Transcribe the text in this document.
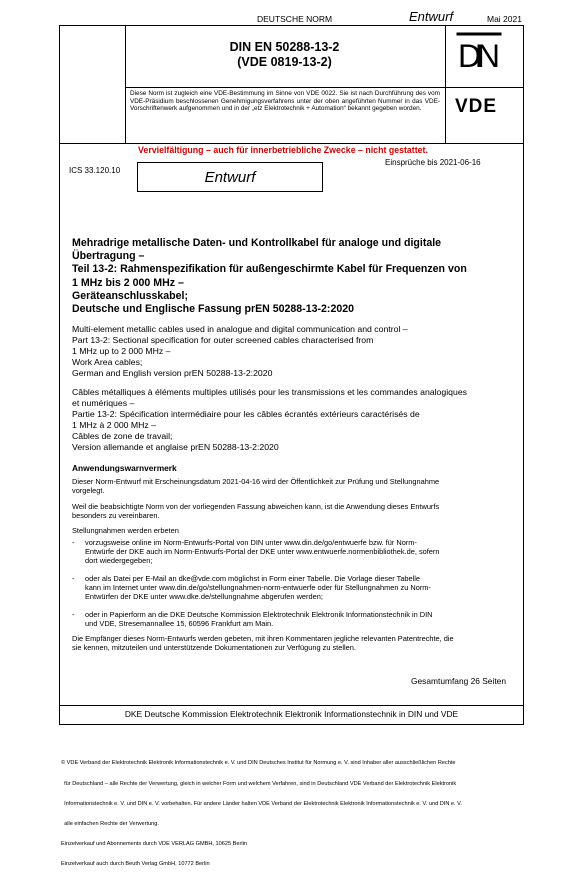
DEUTSCHE NORM	Entwurf	Mai 2021
DIN EN 50288-13-2
(VDE 0819-13-2)	DIN
Diese Norm ist zugleich eine VDE-Bestimmung im Sinne von VDE 0022. Sie ist nach Durchführung des vom VDE-Präsidium beschlossenen Genehmigungsverfahrens unter der oben angeführten Nummer in das VDE-Vorschriftenwerk aufgenommen und in der „etz Elektrotechnik + Automation“ bekannt gegeben worden.	VDE
Vervielfältigung – auch für innerbetriebliche Zwecke – nicht gestattet.
Einsprüche bis 2021-06-16
ICS 33.120.10	Entwurf
Mehradrige metallische Daten- und Kontrollkabel für analoge und digitale
Übertragung –
Teil 13-2: Rahmenspezifikation für außengeschirmte Kabel für Frequenzen von
1 MHz bis 2 000 MHz –
Geräteanschlusskabel;
Deutsche und Englische Fassung prEN 50288-13-2:2020
Multi-element metallic cables used in analogue and digital communication and control –
Part 13-2: Sectional specification for outer screened cables characterised from
1 MHz up to 2 000 MHz –
Work Area cables;
German and English version prEN 50288-13-2:2020
Câbles métalliques à éléments multiples utilisés pour les transmissions et les commandes analogiques
et numériques –
Partie 13-2: Spécification intermédiaire pour les câbles écrantés extérieurs caractérisés de
1 MHz à 2 000 MHz –
Câbles de zone de travail;
Version allemande et anglaise prEN 50288-13-2:2020
Anwendungswarnvermerk
Dieser Norm-Entwurf mit Erscheinungsdatum 2021-04-16 wird der Öffentlichkeit zur Prüfung und Stellungnahme
vorgelegt.
Weil die beabsichtigte Norm von der vorliegenden Fassung abweichen kann, ist die Anwendung dieses Entwurfs
besonders zu vereinbaren.
Stellungnahmen werden erbeten
- vorzugsweise online im Norm-Entwurfs-Portal von DIN unter www.din.de/go/entwuerfe bzw. für Norm-
Entwürfe der DKE auch im Norm-Entwurfs-Portal der DKE unter www.entwuerfe.normenbibliothek.de, sofern
dort wiedergegeben;
- oder als Datei per E-Mail an dke@vde.com möglichst in Form einer Tabelle. Die Vorlage dieser Tabelle
kann im Internet unter www.din.de/go/stellungnahmen-norm-entwuerfe oder für Stellungnahmen zu Norm-
Entwürfen der DKE unter www.dke.de/stellungnahme abgerufen werden;
- oder in Papierform an die DKE Deutsche Kommission Elektrotechnik Elektronik Informationstechnik in DIN
und VDE, Stresemannallee 15, 60596 Frankfurt am Main.
Die Empfänger dieses Norm-Entwurfs werden gebeten, mit ihren Kommentaren jegliche relevanten Patentrechte, die
sie kennen, mitzuteilen und unterstützende Dokumentationen zur Verfügung zu stellen.
Gesamtumfang 26 Seiten
DKE Deutsche Kommission Elektrotechnik Elektronik Informationstechnik in DIN und VDE

© VDE Verband der Elektrotechnik Elektronik Informationstechnik e. V. und DIN Deutsches Institut für Normung e. V. sind Inhaber aller ausschließlichen Rechte

für Deutschland – alle Rechte der Verwertung, gleich in welcher Form und welchem Verfahren, sind in Deutschland VDE Verband der Elektrotechnik Elektronik

Informationstechnik e. V. und DIN e. V. vorbehalten. Für andere Länder halten VDE Verband der Elektrotechnik Elektronik Informationstechnik e. V. und DIN e. V.

alle einfachen Rechte der Verwertung.

Einzelverkauf und Abonnements durch VDE VERLAG GMBH, 10625 Berlin

Einzelverkauf auch durch Beuth Verlag GmbH, 10772 Berlin
